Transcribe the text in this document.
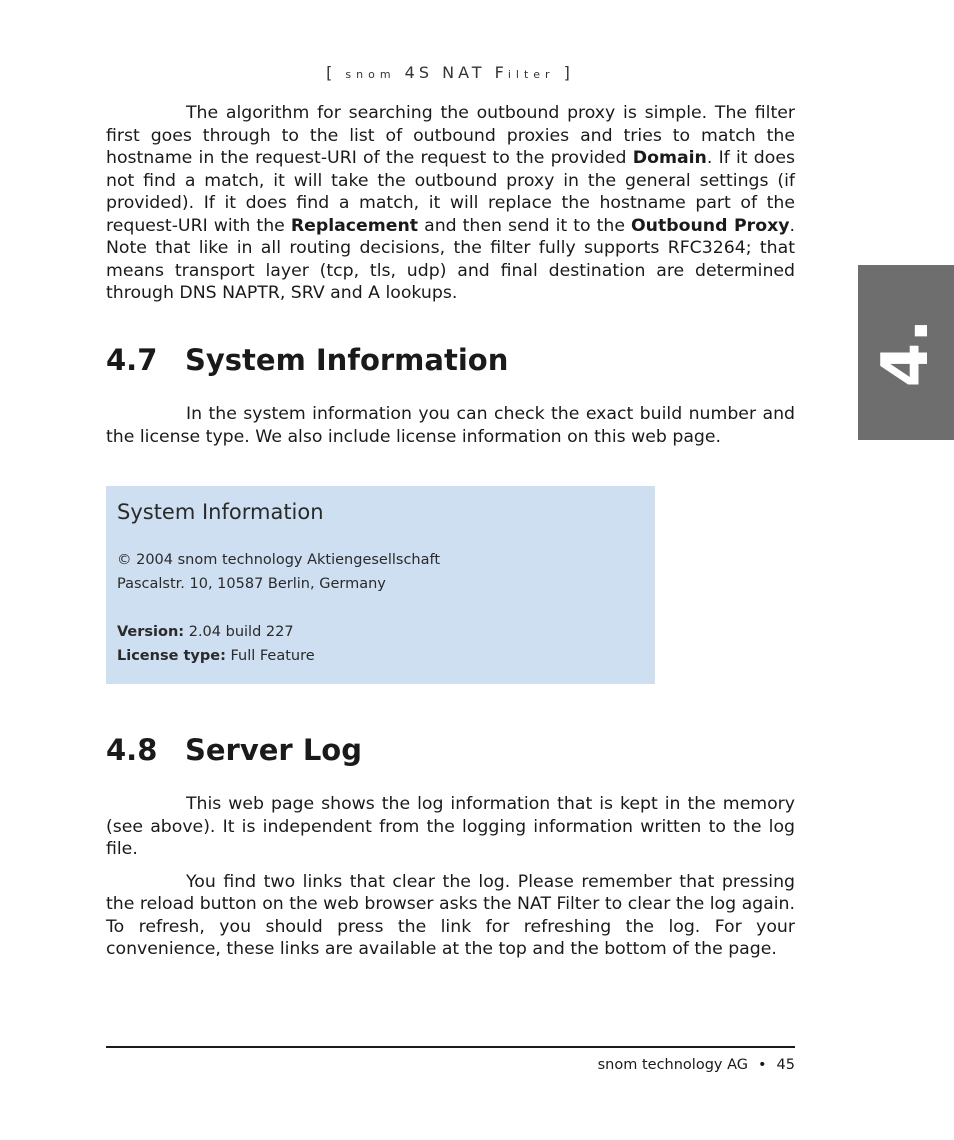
[ snom 4S NAT Filter ]
4.

The algorithm for searching the outbound proxy is simple. The filter first goes through to the list of outbound proxies and tries to match the hostname in the request-URI of the request to the provided Domain. If it does not find a match, it will take the outbound proxy in the general settings (if provided). If it does find a match, it will replace the hostname part of the request-URI with the Replacement and then send it to the Outbound Proxy. Note that like in all routing decisions, the filter fully supports RFC3264; that means transport layer (tcp, tls, udp) and final destination are determined through DNS NAPTR, SRV and A lookups.

4.7 System Information

In the system information you can check the exact build number and the license type. We also include license information on this web page.

System Information
© 2004 snom technology Aktiengesellschaft
Pascalstr. 10, 10587 Berlin, Germany
Version: 2.04 build 227
License type: Full Feature
4.8 Server Log

This web page shows the log information that is kept in the memory (see above). It is independent from the logging information written to the log file.

You find two links that clear the log. Please remember that pressing the reload button on the web browser asks the NAT Filter to clear the log again. To refresh, you should press the link for refreshing the log. For your convenience, these links are available at the top and the bottom of the page.

snom technology AG • 45
